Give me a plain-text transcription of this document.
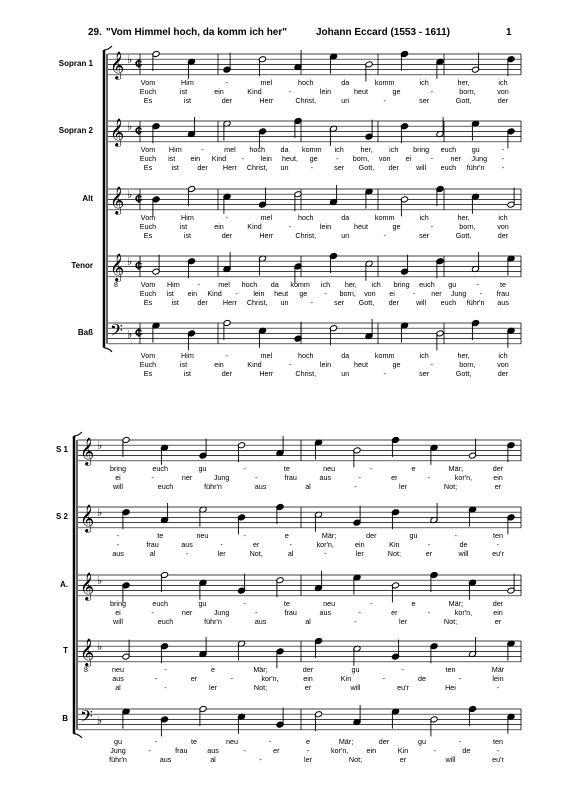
29. "Vom Himmel hoch, da komm ich her"	Johann Eccard (1553 - 1611)	1
Sopran 1 𝄞 ♭ ¢
Vom	Him	-	mel	hoch	da	komm	ich	her,	ich
Euch	ist	ein	Kind	-	lein	heut	ge	-	born,	von
Es	ist	der	Herr	Christ,	un	-	ser	Gott,	der
Sopran 2 𝄞 ♭ ¢
Vom Him	-	mel hoch da komm ich her, ich bring euch gu	-
Euch ist ein Kind - lein heut, ge	- born, von ei	- ner Jung -
Es	ist	der Herr Christ, un	-	ser Gott, der will euch führ'n -
Alt 𝄞 ♭ ¢
Vom	Him	-	mel	hoch	da	komm	ich	her,	ich
Euch	ist	ein	Kind	-	lein	heut	ge	-	born,	von
Es	ist	der	Herr	Christ,	un	-	ser	Gott,	der
Tenor 𝄞
8
♭ ¢
Vom Him -	mel hoch da komm ich her, ich bring euch gu	-	te
Euch ist ein Kind - lein heut ge - born, von ei	- ner Jung - frau
Es	ist	der Herr Christ, un	-	ser Gott, der will euch führ'n aus
Baß 𝄢 ♭ ¢
Vom	Him	-	mel	hoch	da	komm	ich	her,	ich
Euch	ist	ein	Kind	-	lein	heut	ge	-	born,	von
Es	ist	der	Herr	Christ,	un	-	ser	Gott,	der
S 1 𝄞 ♭
bring	euch	gu	-	te	neu	-	e	Mär;	der
ei	-	ner	Jung	-	frau	aus	-	er	-	kor'n,	ein
will	euch	führ'n	aus	al	-	ler	Not;	er
S 2 𝄞 ♭
-	te	neu	-	e	Mär;	der	gu	-	ten
-	frau	aus	-	er	-	kor'n,	ein	Kin	-	de	-
aus	al	-	ler	Not,	al	-	ler	Not;	er	will	eu'r
A. 𝄞 ♭
bring	euch	gu	-	te	neu	-	e	Mär;	der
ei	-	ner	Jung	-	frau	aus	-	er	-	kor'n,	ein
will	euch	führ'n	aus	al	-	ler	Not;	er
T 𝄞
8
♭
neu	-	e	Mär;	der	gu	-	ten	Mär
aus	-	er	-	kor'n,	ein	Kin	-	de	-	lein
al	-	ler	Not;	er	will	eu'r	Hei	-
B 𝄢 ♭
gu	-	te	neu	-	e	Mär;	der	gu	-	ten
Jung	-	frau	aus	-	er	-	kor'n,	ein	Kin	-	de	-
führ'n	aus	al	-	ler	Not;	er	will	eu'r
